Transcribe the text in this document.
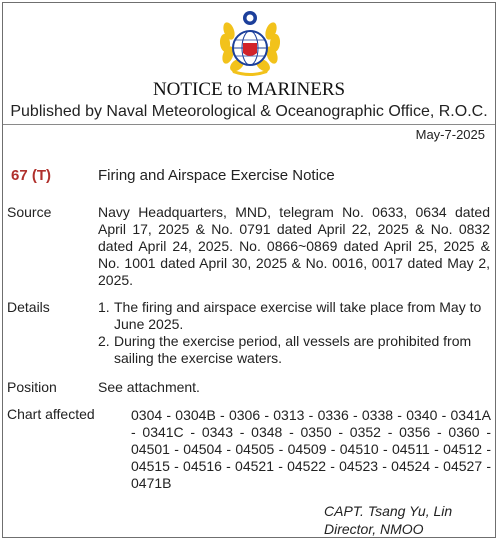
NOTICE to MARINERS
Published by Naval Meteorological & Oceanographic Office, R.O.C.
May-7-2025
67 (T)	Firing and Airspace Exercise Notice
Source	Navy Headquarters, MND, telegram No. 0633, 0634 dated April 17, 2025 & No. 0791 dated April 22, 2025 & No. 0832 dated April 24, 2025. No. 0866~0869 dated April 25, 2025 & No. 1001 dated April 30, 2025 & No. 0016, 0017 dated May 2, 2025.
Details	1. The firing and airspace exercise will take place from May to June 2025.
2. During the exercise period, all vessels are prohibited from sailing the exercise waters.
Position	See attachment.
Chart affected	0304 - 0304B - 0306 - 0313 - 0336 - 0338 - 0340 - 0341A - 0341C - 0343 - 0348 - 0350 - 0352 - 0356 - 0360 - 04501 - 04504 - 04505 - 04509 - 04510 - 04511 - 04512 - 04515 - 04516 - 04521 - 04522 - 04523 - 04524 - 04527 - 0471B
CAPT. Tsang Yu, Lin
Director, NMOO
